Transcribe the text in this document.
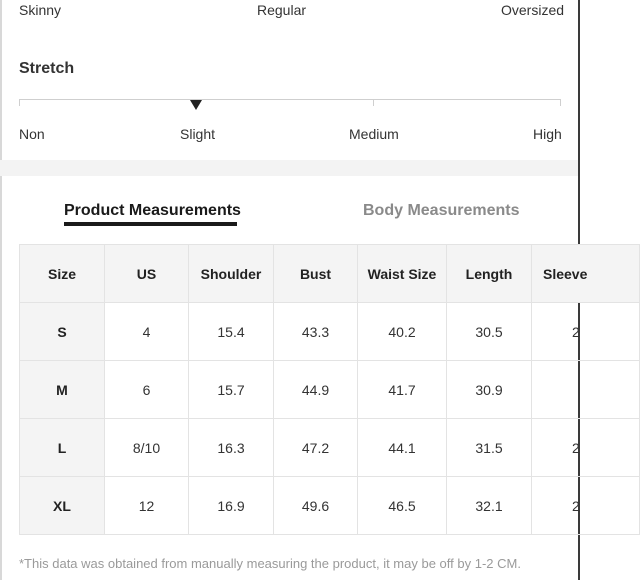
Skinny	Regular	Oversized
Stretch
Non	Slight	Medium	High
Product Measurements	Body Measurements
Size	US	Shoulder	Bust	Waist Size	Length	Sleeve
S	4	15.4	43.3	40.2	30.5	2
M	6	15.7	44.9	41.7	30.9	
L	8/10	16.3	47.2	44.1	31.5	2
XL	12	16.9	49.6	46.5	32.1	2
*This data was obtained from manually measuring the product, it may be off by 1-2 CM.
